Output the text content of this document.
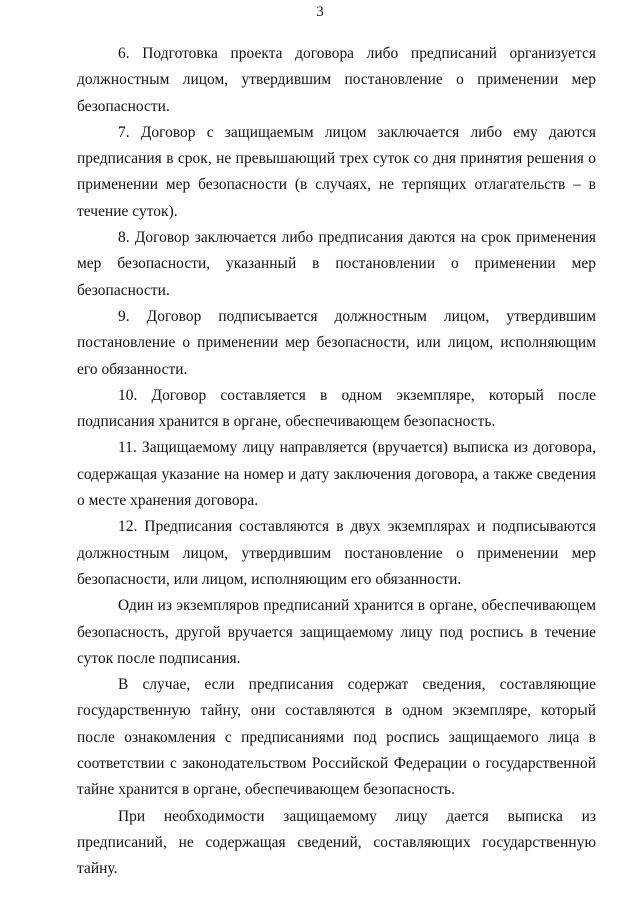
3

6. Подготовка проекта договора либо предписаний организуется должностным лицом, утвердившим постановление о применении мер безопасности.

7. Договор с защищаемым лицом заключается либо ему даются предписания в срок, не превышающий трех суток со дня принятия решения о применении мер безопасности (в случаях, не терпящих отлагательств – в течение суток).

8. Договор заключается либо предписания даются на срок применения мер безопасности, указанный в постановлении о применении мер безопасности.

9. Договор подписывается должностным лицом, утвердившим постановление о применении мер безопасности, или лицом, исполняющим его обязанности.

10. Договор составляется в одном экземпляре, который после подписания хранится в органе, обеспечивающем безопасность.

11. Защищаемому лицу направляется (вручается) выписка из договора, содержащая указание на номер и дату заключения договора, а также сведения о месте хранения договора.

12. Предписания составляются в двух экземплярах и подписываются должностным лицом, утвердившим постановление о применении мер безопасности, или лицом, исполняющим его обязанности.

Один из экземпляров предписаний хранится в органе, обеспечивающем безопасность, другой вручается защищаемому лицу под роспись в течение суток после подписания.

В случае, если предписания содержат сведения, составляющие государственную тайну, они составляются в одном экземпляре, который после ознакомления с предписаниями под роспись защищаемого лица в соответствии с законодательством Российской Федерации о государственной тайне хранится в органе, обеспечивающем безопасность.

При необходимости защищаемому лицу дается выписка из предписаний, не содержащая сведений, составляющих государственную тайну.
